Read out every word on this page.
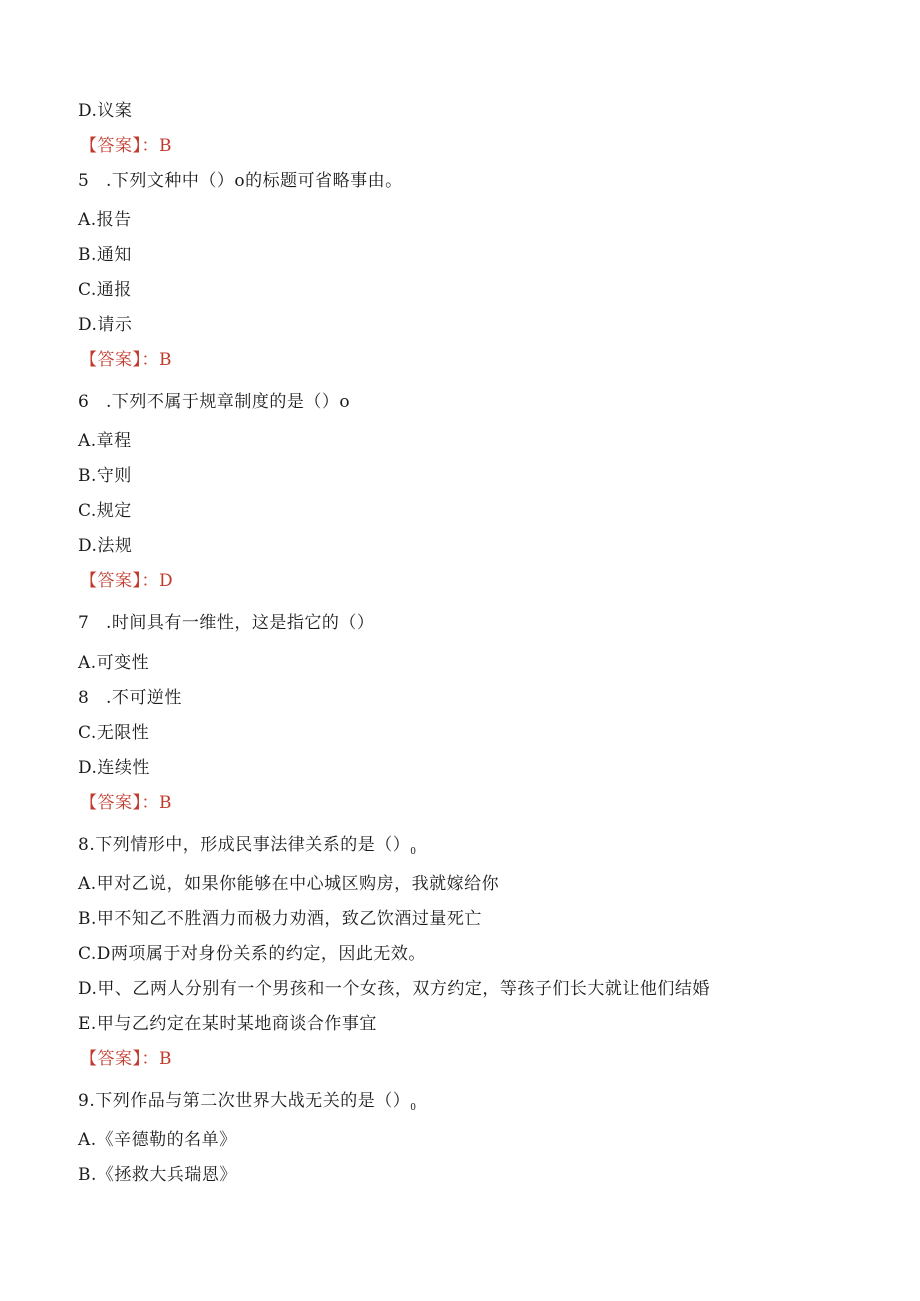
D.议案
【答案】：B
5 .下列文种中（）o的标题可省略事由。
A.报告
B.通知
C.通报
D.请示
【答案】：B
6 .下列不属于规章制度的是（）o
A.章程
B.守则
C.规定
D.法规
【答案】：D
7 .时间具有一维性，这是指它的（）
A.可变性
8 .不可逆性
C.无限性
D.连续性
【答案】：B
8.下列情形中，形成民事法律关系的是$()_0$
A.甲对乙说，如果你能够在中心城区购房，我就嫁给你
B.甲不知乙不胜酒力而极力劝酒，致乙饮酒过量死亡
C.D两项属于对身份关系的约定，因此无效。
D.甲、乙两人分别有一个男孩和一个女孩，双方约定，等孩子们长大就让他们结婚
E.甲与乙约定在某时某地商谈合作事宜
【答案】：B
9.下列作品与第二次世界大战无关的是$()_0$
A.《辛德勒的名单》
B.《拯救大兵瑞恩》
